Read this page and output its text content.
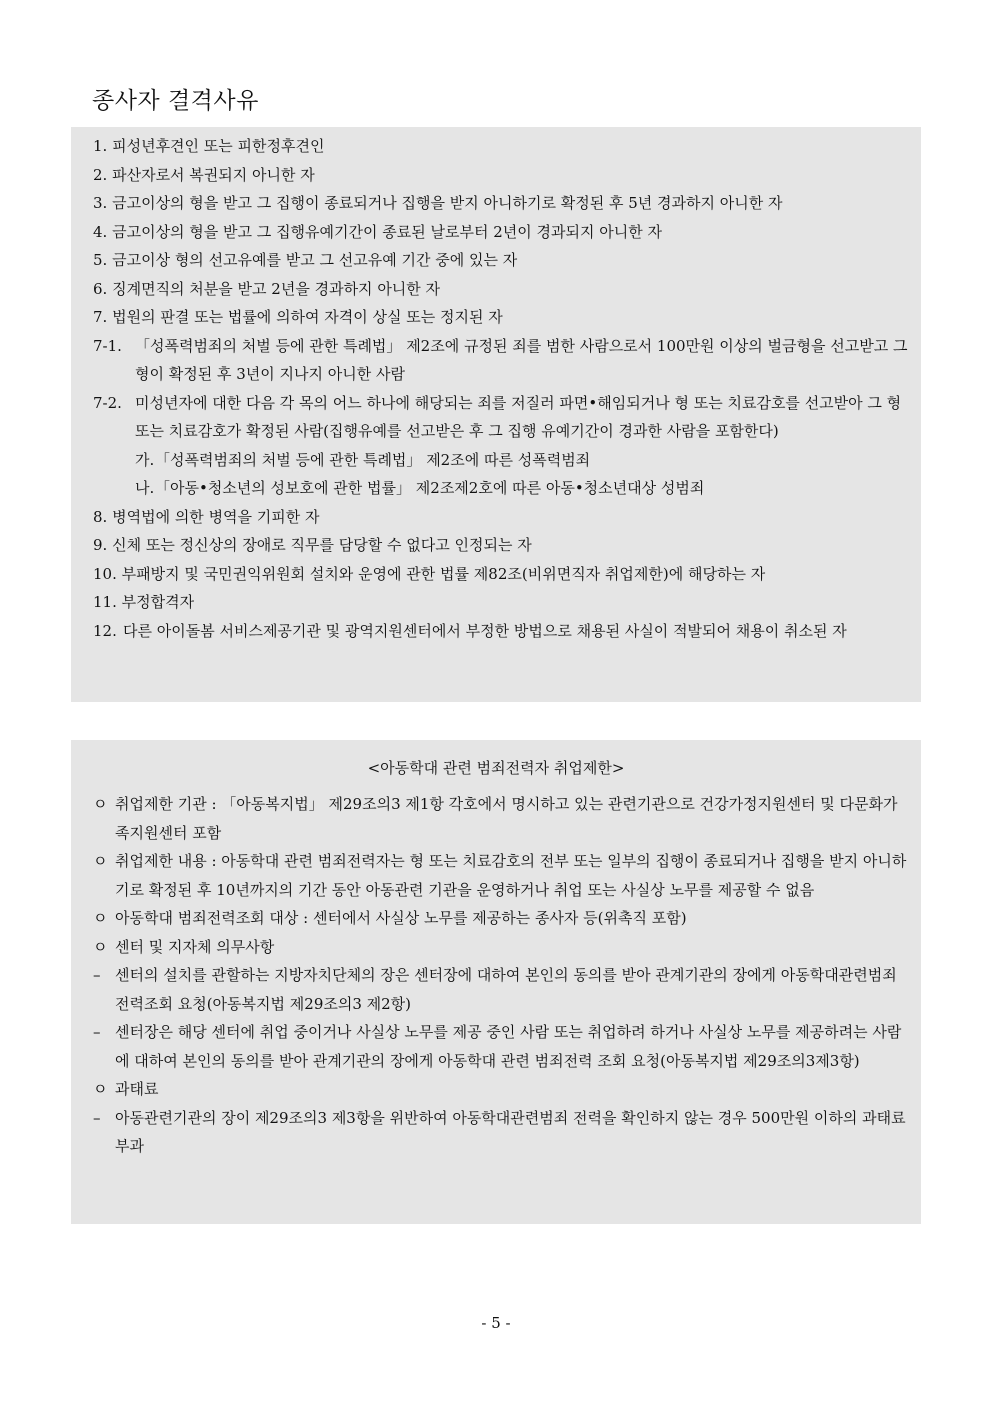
종사자 결격사유
1. 피성년후견인 또는 피한정후견인
2. 파산자로서 복권되지 아니한 자
3. 금고이상의 형을 받고 그 집행이 종료되거나 집행을 받지 아니하기로 확정된 후 5년 경과하지 아니한 자
4. 금고이상의 형을 받고 그 집행유예기간이 종료된 날로부터 2년이 경과되지 아니한 자
5. 금고이상 형의 선고유예를 받고 그 선고유예 기간 중에 있는 자
6. 징계면직의 처분을 받고 2년을 경과하지 아니한 자
7. 법원의 판결 또는 법률에 의하여 자격이 상실 또는 정지된 자
7-1. 「성폭력범죄의 처벌 등에 관한 특례법」 제2조에 규정된 죄를 범한 사람으로서 100만원 이상의 벌금형을 선고받고 그 형이 확정된 후 3년이 지나지 아니한 사람
7-2. 미성년자에 대한 다음 각 목의 어느 하나에 해당되는 죄를 저질러 파면•해임되거나 형 또는 치료감호를 선고받아 그 형 또는 치료감호가 확정된 사람(집행유예를 선고받은 후 그 집행 유예기간이 경과한 사람을 포함한다)
가. 「성폭력범죄의 처벌 등에 관한 특례법」 제2조에 따른 성폭력범죄
나. 「아동•청소년의 성보호에 관한 법률」 제2조제2호에 따른 아동•청소년대상 성범죄
8. 병역법에 의한 병역을 기피한 자
9. 신체 또는 정신상의 장애로 직무를 담당할 수 없다고 인정되는 자
10. 부패방지 및 국민권익위원회 설치와 운영에 관한 법률 제82조(비위면직자 취업제한)에 해당하는 자
11. 부정합격자
12. 다른 아이돌봄 서비스제공기관 및 광역지원센터에서 부정한 방법으로 채용된 사실이 적발되어 채용이 취소된 자
<아동학대 관련 범죄전력자 취업제한>
ㅇ 취업제한 기관 : 「아동복지법」 제29조의3 제1항 각호에서 명시하고 있는 관련기관으로 건강가정지원센터 및 다문화가족지원센터 포함
ㅇ 취업제한 내용 : 아동학대 관련 범죄전력자는 형 또는 치료감호의 전부 또는 일부의 집행이 종료되거나 집행을 받지 아니하기로 확정된 후 10년까지의 기간 동안 아동관련 기관을 운영하거나 취업 또는 사실상 노무를 제공할 수 없음
ㅇ 아동학대 범죄전력조회 대상 : 센터에서 사실상 노무를 제공하는 종사자 등(위촉직 포함)
ㅇ 센터 및 지자체 의무사항
– 센터의 설치를 관할하는 지방자치단체의 장은 센터장에 대하여 본인의 동의를 받아 관계기관의 장에게 아동학대관련범죄 전력조회 요청(아동복지법 제29조의3 제2항)
– 센터장은 해당 센터에 취업 중이거나 사실상 노무를 제공 중인 사람 또는 취업하려 하거나 사실상 노무를 제공하려는 사람에 대하여 본인의 동의를 받아 관계기관의 장에게 아동학대 관련 범죄전력 조회 요청(아동복지법 제29조의3제3항)
ㅇ 과태료
– 아동관련기관의 장이 제29조의3 제3항을 위반하여 아동학대관련범죄 전력을 확인하지 않는 경우 500만원 이하의 과태료 부과
- 5 -
